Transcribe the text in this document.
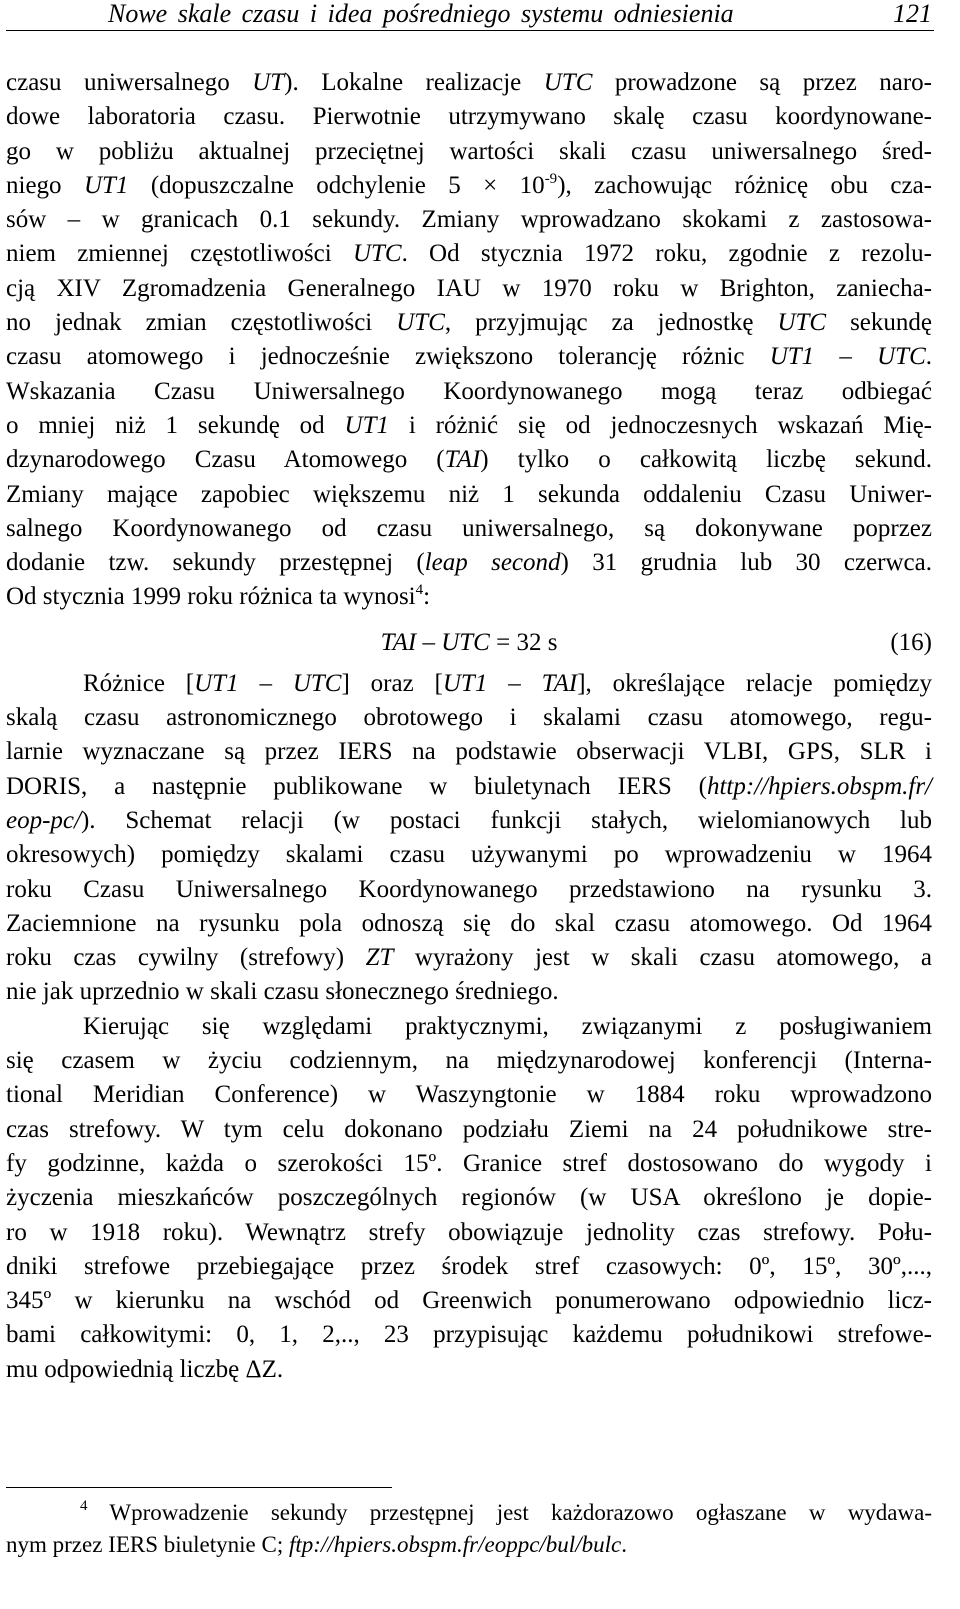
Nowe skale czasu i idea pośredniego systemu odniesienia	121
czasu uniwersalnego UT). Lokalne realizacje UTC prowadzone są przez naro-
dowe laboratoria czasu. Pierwotnie utrzymywano skalę czasu koordynowane-
go w pobliżu aktualnej przeciętnej wartości skali czasu uniwersalnego śred-
niego UT1 (dopuszczalne odchylenie $5 \times 10^{-9}$), zachowując różnicę obu cza-
sów – w granicach 0.1 sekundy. Zmiany wprowadzano skokami z zastosowa-
niem zmiennej częstotliwości UTC. Od stycznia 1972 roku, zgodnie z rezolu-
cją XIV Zgromadzenia Generalnego IAU w 1970 roku w Brighton, zaniecha-
no jednak zmian częstotliwości UTC, przyjmując za jednostkę UTC sekundę
czasu atomowego i jednocześnie zwiększono tolerancję różnic UT1 – UTC.
Wskazania Czasu Uniwersalnego Koordynowanego mogą teraz odbiegać
o mniej niż 1 sekundę od UT1 i różnić się od jednoczesnych wskazań Mię-
dzynarodowego Czasu Atomowego (TAI) tylko o całkowitą liczbę sekund.
Zmiany mające zapobiec większemu niż 1 sekunda oddaleniu Czasu Uniwer-
salnego Koordynowanego od czasu uniwersalnego, są dokonywane poprzez
dodanie tzw. sekundy przestępnej (leap second) 31 grudnia lub 30 czerwca.
Od stycznia 1999 roku różnica ta wynosi$^4$:
TAI – UTC = 32 s	(16)
Różnice [UT1 – UTC] oraz [UT1 – TAI], określające relacje pomiędzy
skalą czasu astronomicznego obrotowego i skalami czasu atomowego, regu-
larnie wyznaczane są przez IERS na podstawie obserwacji VLBI, GPS, SLR i
DORIS, a następnie publikowane w biuletynach IERS (http://hpiers.obspm.fr/
eop-pc/). Schemat relacji (w postaci funkcji stałych, wielomianowych lub
okresowych) pomiędzy skalami czasu używanymi po wprowadzeniu w 1964
roku Czasu Uniwersalnego Koordynowanego przedstawiono na rysunku 3.
Zaciemnione na rysunku pola odnoszą się do skal czasu atomowego. Od 1964
roku czas cywilny (strefowy) ZT wyrażony jest w skali czasu atomowego, a
nie jak uprzednio w skali czasu słonecznego średniego.
Kierując się względami praktycznymi, związanymi z posługiwaniem
się czasem w życiu codziennym, na międzynarodowej konferencji (Interna-
tional Meridian Conference) w Waszyngtonie w 1884 roku wprowadzono
czas strefowy. W tym celu dokonano podziału Ziemi na 24 południkowe stre-
fy godzinne, każda o szerokości 15º. Granice stref dostosowano do wygody i
życzenia mieszkańców poszczególnych regionów (w USA określono je dopie-
ro w 1918 roku). Wewnątrz strefy obowiązuje jednolity czas strefowy. Połu-
dniki strefowe przebiegające przez środek stref czasowych: 0º, 15º, 30º,...,
345º w kierunku na wschód od Greenwich ponumerowano odpowiednio licz-
bami całkowitymi: 0, 1, 2,.., 23 przypisując każdemu południkowi strefowe-
mu odpowiednią liczbę ΔZ.
$^4$ Wprowadzenie sekundy przestępnej jest każdorazowo ogłaszane w wydawa-
nym przez IERS biuletynie C; ftp://hpiers.obspm.fr/eoppc/bul/bulc.
